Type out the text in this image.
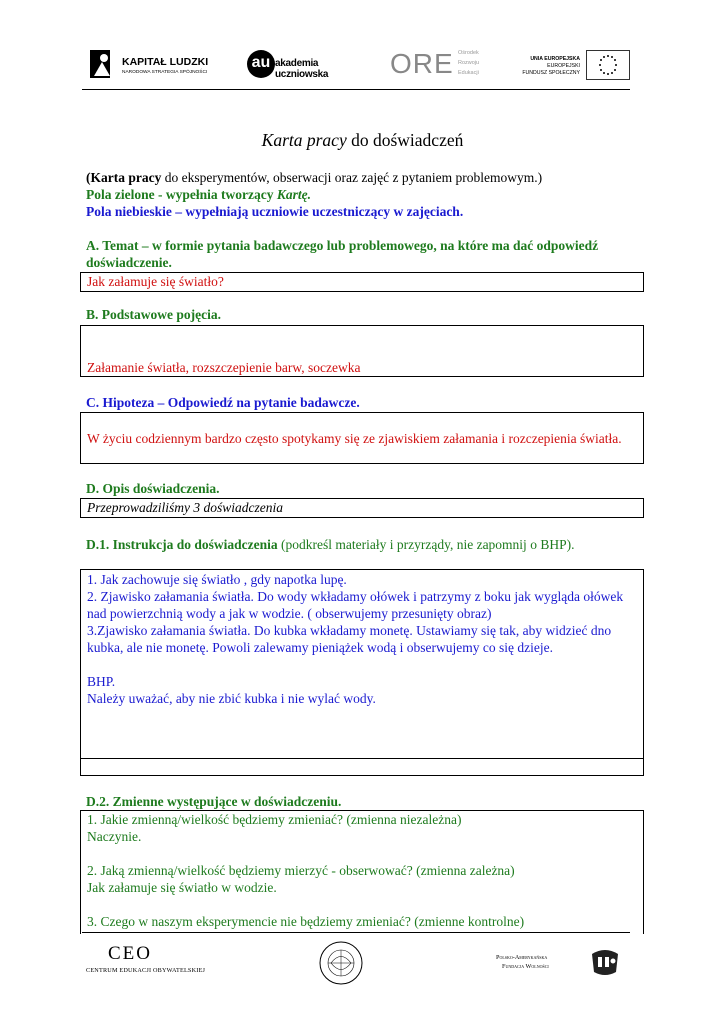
KAPITAŁ LUDZKI
NARODOWA STRATEGIA SPÓJNOŚCI
au akademia
uczniowska ORE Ośrodek
Rozwoju
Edukacji
UNIA EUROPEJSKA
EUROPEJSKI
FUNDUSZ SPOŁECZNY
Karta pracy do doświadczeń
(Karta pracy do eksperymentów, obserwacji oraz zajęć z pytaniem problemowym.)
Pola zielone - wypełnia tworzący Kartę.
Pola niebieskie – wypełniają uczniowie uczestniczący w zajęciach.
A. Temat – w formie pytania badawczego lub problemowego, na które ma dać odpowiedź doświadczenie.
Jak załamuje się światło?
B. Podstawowe pojęcia.
Załamanie światła, rozszczepienie barw, soczewka
C. Hipoteza – Odpowiedź na pytanie badawcze.
W życiu codziennym bardzo często spotykamy się ze zjawiskiem załamania i rozczepienia światła.
D. Opis doświadczenia.
Przeprowadziliśmy 3 doświadczenia
D.1. Instrukcja do doświadczenia (podkreśl materiały i przyrządy, nie zapomnij o BHP).
1. Jak zachowuje się światło , gdy napotka lupę.
2. Zjawisko załamania światła. Do wody wkładamy ołówek i patrzymy z boku jak wygląda ołówek nad powierzchnią wody a jak w wodzie. ( obserwujemy przesunięty obraz)
3.Zjawisko załamania światła. Do kubka wkładamy monetę. Ustawiamy się tak, aby widzieć dno kubka, ale nie monetę. Powoli zalewamy pieniążek wodą i obserwujemy co się dzieje.
BHP.
Należy uważać, aby nie zbić kubka i nie wylać wody.
D.2. Zmienne występujące w doświadczeniu.
1. Jakie zmienną/wielkość będziemy zmieniać? (zmienna niezależna)
Naczynie.
2. Jaką zmienną/wielkość będziemy mierzyć - obserwować? (zmienna zależna)
Jak załamuje się światło w wodzie.
3. Czego w naszym eksperymencie nie będziemy zmieniać? (zmienne kontrolne)
CEO
CENTRUM EDUKACJI OBYWATELSKIEJ
Polsko-Amerykańska
Fundacja Wolności
